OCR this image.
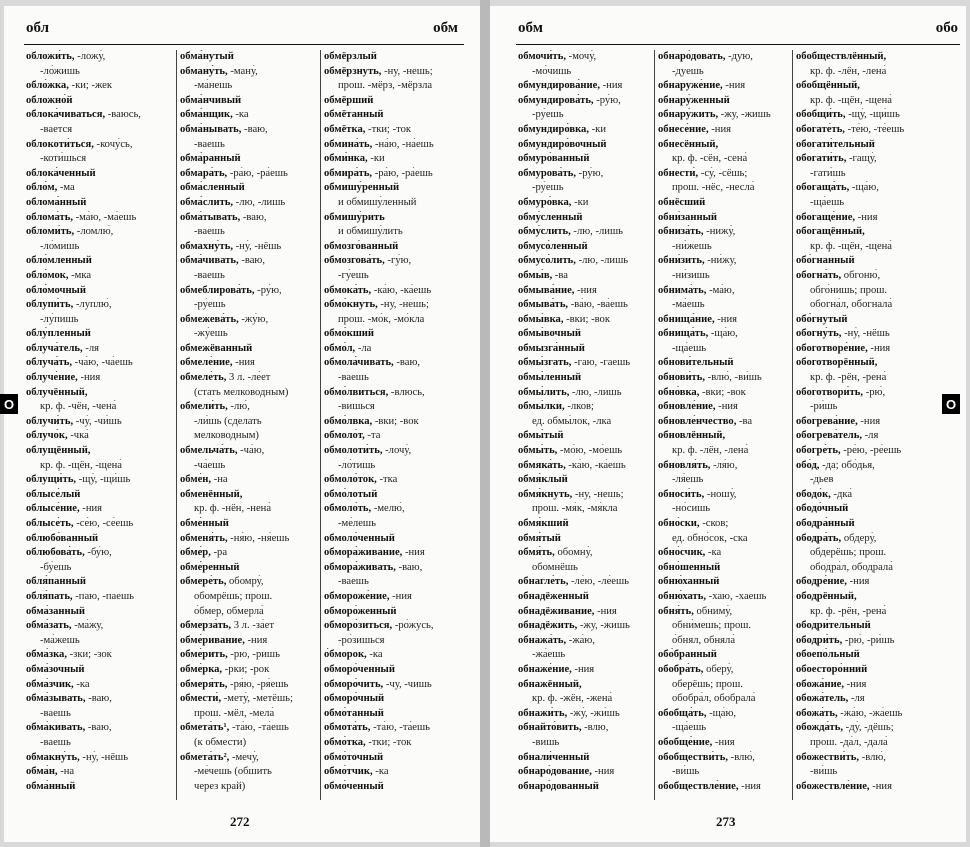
обл	обм
обложи́ть, -ложу́,
-ло́жишь
обло́жка, -ки; -жек
обложно́й
облока́чиваться, -ваюсь,
-вается
облокоти́ться, -кочу́сь,
-коти́шься
облока́ченный
обло́м, -ма
облома́нный
облома́ть, -ма́ю, -ма́ешь
обломи́ть, -ломлю́,
-ло́мишь
обло́мленный
обло́мок, -мка
обло́мочный
облупи́ть, -луплю́,
-лу́пишь
облу́пленный
облуча́тель, -ля
облуча́ть, -ча́ю, -ча́ешь
облуче́ние, -ния
облучённый,
кр. ф. -чён, -чена́
облучи́ть, -чу́, -чи́шь
облучо́к, -чка́
облущённый,
кр. ф. -щён, -щена́
облущи́ть, -щу́, -щи́шь
облысе́лый
облысе́ние, -ния
облысе́ть, -се́ю, -се́ешь
облюбо́ванный
облюбова́ть, -бу́ю,
-бу́ешь
обля́панный
обля́пать, -паю, -паешь
обма́занный
обма́зать, -ма́жу,
-ма́жешь
обма́зка, -зки; -зок
обма́зочный
обма́зчик, -ка
обма́зывать, -ваю,
-ваешь
обма́кивать, -ваю,
-ваешь
обмакну́ть, -ну́, -нёшь
обма́н, -на
обма́нный
обма́нутый
обману́ть, -ману́,
-ма́нешь
обма́нчивый
обма́нщик, -ка
обма́нывать, -ваю,
-ваешь
обма́ранный
обмара́ть, -ра́ю, -ра́ешь
обма́сленный
обма́слить, -лю, -лишь
обма́тывать, -ваю,
-ваешь
обмахну́ть, -ну́, -нёшь
обма́чивать, -ваю,
-ваешь
обмеблирова́ть, -ру́ю,
-ру́ешь
обмежева́ть, -жу́ю,
-жу́ешь
обмежёванный
обмеле́ние, -ния
обмеле́ть, 3 л. -ле́ет
(стать мелководным)
обмели́ть, -лю́,
-ли́шь (сделать
мелководным)
обмельча́ть, -ча́ю,
-ча́ешь
обме́н, -на
обменённый,
кр. ф. -нён, -нена́
обме́нный
обменя́ть, -ня́ю, -ня́ешь
обме́р, -ра
обме́ренный
обмере́ть, обомру́,
обомрёшь; прош.
о́бмер, обмерла́
обмерза́ть, 3 л. -за́ет
обме́ривание, -ния
обме́рить, -рю, -ришь
обме́рка, -рки; -рок
обмеря́ть, -ря́ю, -ря́ешь
обмести́, -мету́, -метёшь;
прош. -мёл, -мела́
обмета́ть¹, -та́ю, -та́ешь
(к обмести)
обмета́ть², -мечу́,
-ме́чешь (обшить
через край)
обмёрзлый
обмёрзнуть, -ну, -нешь;
прош. -мёрз, -мёрзла
обмёрший
обмётанный
обмётка, -тки; -ток
обмина́ть, -на́ю, -на́ешь
обми́нка, -ки
обмира́ть, -ра́ю, -ра́ешь
обмишу́ренный
и обмишу́ленный
обмишу́рить
и обмишу́лить
обмозго́ванный
обмозгова́ть, -гу́ю,
-гу́ешь
обмока́ть, -ка́ю, -ка́ешь
обмо́кнуть, -ну, -нешь;
прош. -мо́к, -мо́кла
обмо́кший
обмо́л, -ла
обмола́чивать, -ваю,
-ваешь
обмо́лвиться, -влюсь,
-вишься
обмо́лвка, -вки; -вок
обмоло́т, -та
обмолоти́ть, -лочу́,
-ло́тишь
обмоло́ток, -тка
обмо́лотый
обмоло́ть, -мелю́,
-ме́лешь
обмоло́ченный
обмора́живание, -ния
обмора́живать, -ваю,
-ваешь
обмороже́ние, -ния
обморо́женный
обморо́зиться, -ро́жусь,
-ро́зишься
о́бморок, -ка
обморо́ченный
обморо́чить, -чу, -чишь
обморо́чный
обмо́танный
обмота́ть, -та́ю, -та́ешь
обмо́тка, -тки; -ток
обмо́точный
обмо́тчик, -ка
обмо́ченный
272
обм	обо
обмочи́ть, -мочу́,
-мо́чишь
обмундирова́ние, -ния
обмундирова́ть, -ру́ю,
-ру́ешь
обмундиро́вка, -ки
обмундиро́вочный
обмуро́ванный
обмурова́ть, -ру́ю,
-ру́ешь
обмуро́вка, -ки
обму́сленный
обму́слить, -лю, -лишь
обмусо́ленный
обмусо́лить, -лю, -лишь
обмы́в, -ва
обмыва́ние, -ния
обмыва́ть, -ва́ю, -ва́ешь
обмы́вка, -вки; -вок
обмы́вочный
обмызга́нный
обмы́згать, -гаю, -гаешь
обмы́ленный
обмы́лить, -лю, -лишь
обмы́лки, -лков;
ед. обмы́лок, -лка
обмы́тый
обмы́ть, -мо́ю, -мо́ешь
обмяка́ть, -ка́ю, -ка́ешь
обмя́клый
обмя́кнуть, -ну, -нешь;
прош. -мя́к, -мя́кла
обмя́кший
обмя́тый
обмя́ть, обомну́,
обомнёшь
обнагле́ть, -ле́ю, -ле́ешь
обнадёженный
обнадёживание, -ния
обнадёжить, -жу, -жишь
обнажа́ть, -жа́ю,
-жа́ешь
обнаже́ние, -ния
обнажённый,
кр. ф. -жён, -жена́
обнажи́ть, -жу́, -жи́шь
обнайто́вить, -влю,
-вишь
обнали́ченный
обнаро́дование, -ния
обнаро́дованный
обнаро́довать, -дую,
-дуешь
обнаруже́ние, -ния
обнару́женный
обнару́жить, -жу, -жишь
обнесе́ние, -ния
обнесённый,
кр. ф. -сён, -сена́
обнести́, -су́, -сёшь;
прош. -нёс, -несла́
обнёсший
обни́занный
обниза́ть, -нижу́,
-ни́жешь
обни́зить, -ни́жу,
-ни́зишь
обнима́ть, -ма́ю,
-ма́ешь
обнища́ние, -ния
обнища́ть, -ща́ю,
-ща́ешь
обнови́тельный
обнови́ть, -влю́, -ви́шь
обно́вка, -вки; -вок
обновле́ние, -ния
обновле́нчество, -ва
обновлённый,
кр. ф. -лён, -лена́
обновля́ть, -ля́ю,
-ля́ешь
обноси́ть, -ношу́,
-но́сишь
обно́ски, -сков;
ед. обно́сок, -ска
обно́счик, -ка
обно́шенный
обню́ханный
обню́хать, -хаю, -хаешь
обня́ть, обниму́,
обни́мешь; прош.
о́бнял, обняла́
обо́бранный
обобра́ть, оберу́,
оберёшь; прош.
обобра́л, обобрала́
обобща́ть, -ща́ю,
-ща́ешь
обобще́ние, -ния
обобществи́ть, -влю́,
-ви́шь
обобществле́ние, -ния
обобществлённый,
кр. ф. -лён, -лена́
обобщённый,
кр. ф. -щён, -щена́
обобщи́ть, -щу́, -щи́шь
обогате́ть, -те́ю, -те́ешь
обогати́тельный
обогати́ть, -гащу́,
-гати́шь
обогаща́ть, -ща́ю,
-ща́ешь
обогаще́ние, -ния
обогащённый,
кр. ф. -щён, -щена́
обо́гнанный
обогна́ть, обгоню́,
обго́нишь; прош.
обогна́л, обогнала́
обо́гнутый
обогну́ть, -ну́, -нёшь
обоготворе́ние, -ния
обоготворённый,
кр. ф. -рён, -рена́
обоготвори́ть, -рю́,
-ри́шь
обогрева́ние, -ния
обогрева́тель, -ля
обогре́ть, -ре́ю, -ре́ешь
обо́д, -да; обо́дья,
-дьев
ободо́к, -дка́
ободо́чный
ободра́нный
ободра́ть, обдеру́,
обдерёшь; прош.
ободра́л, ободрала́
ободре́ние, -ния
ободрённый,
кр. ф. -рён, -рена́
ободри́тельный
ободри́ть, -рю́, -ри́шь
обоепо́льный
обоесторо́нний
обожа́ние, -ния
обожа́тель, -ля
обожа́ть, -жа́ю, -жа́ешь
обожда́ть, -ду́, -дёшь;
прош. -да́л, -дала́
обожестви́ть, -влю́,
-ви́шь
обожествле́ние, -ния
273
О	О
